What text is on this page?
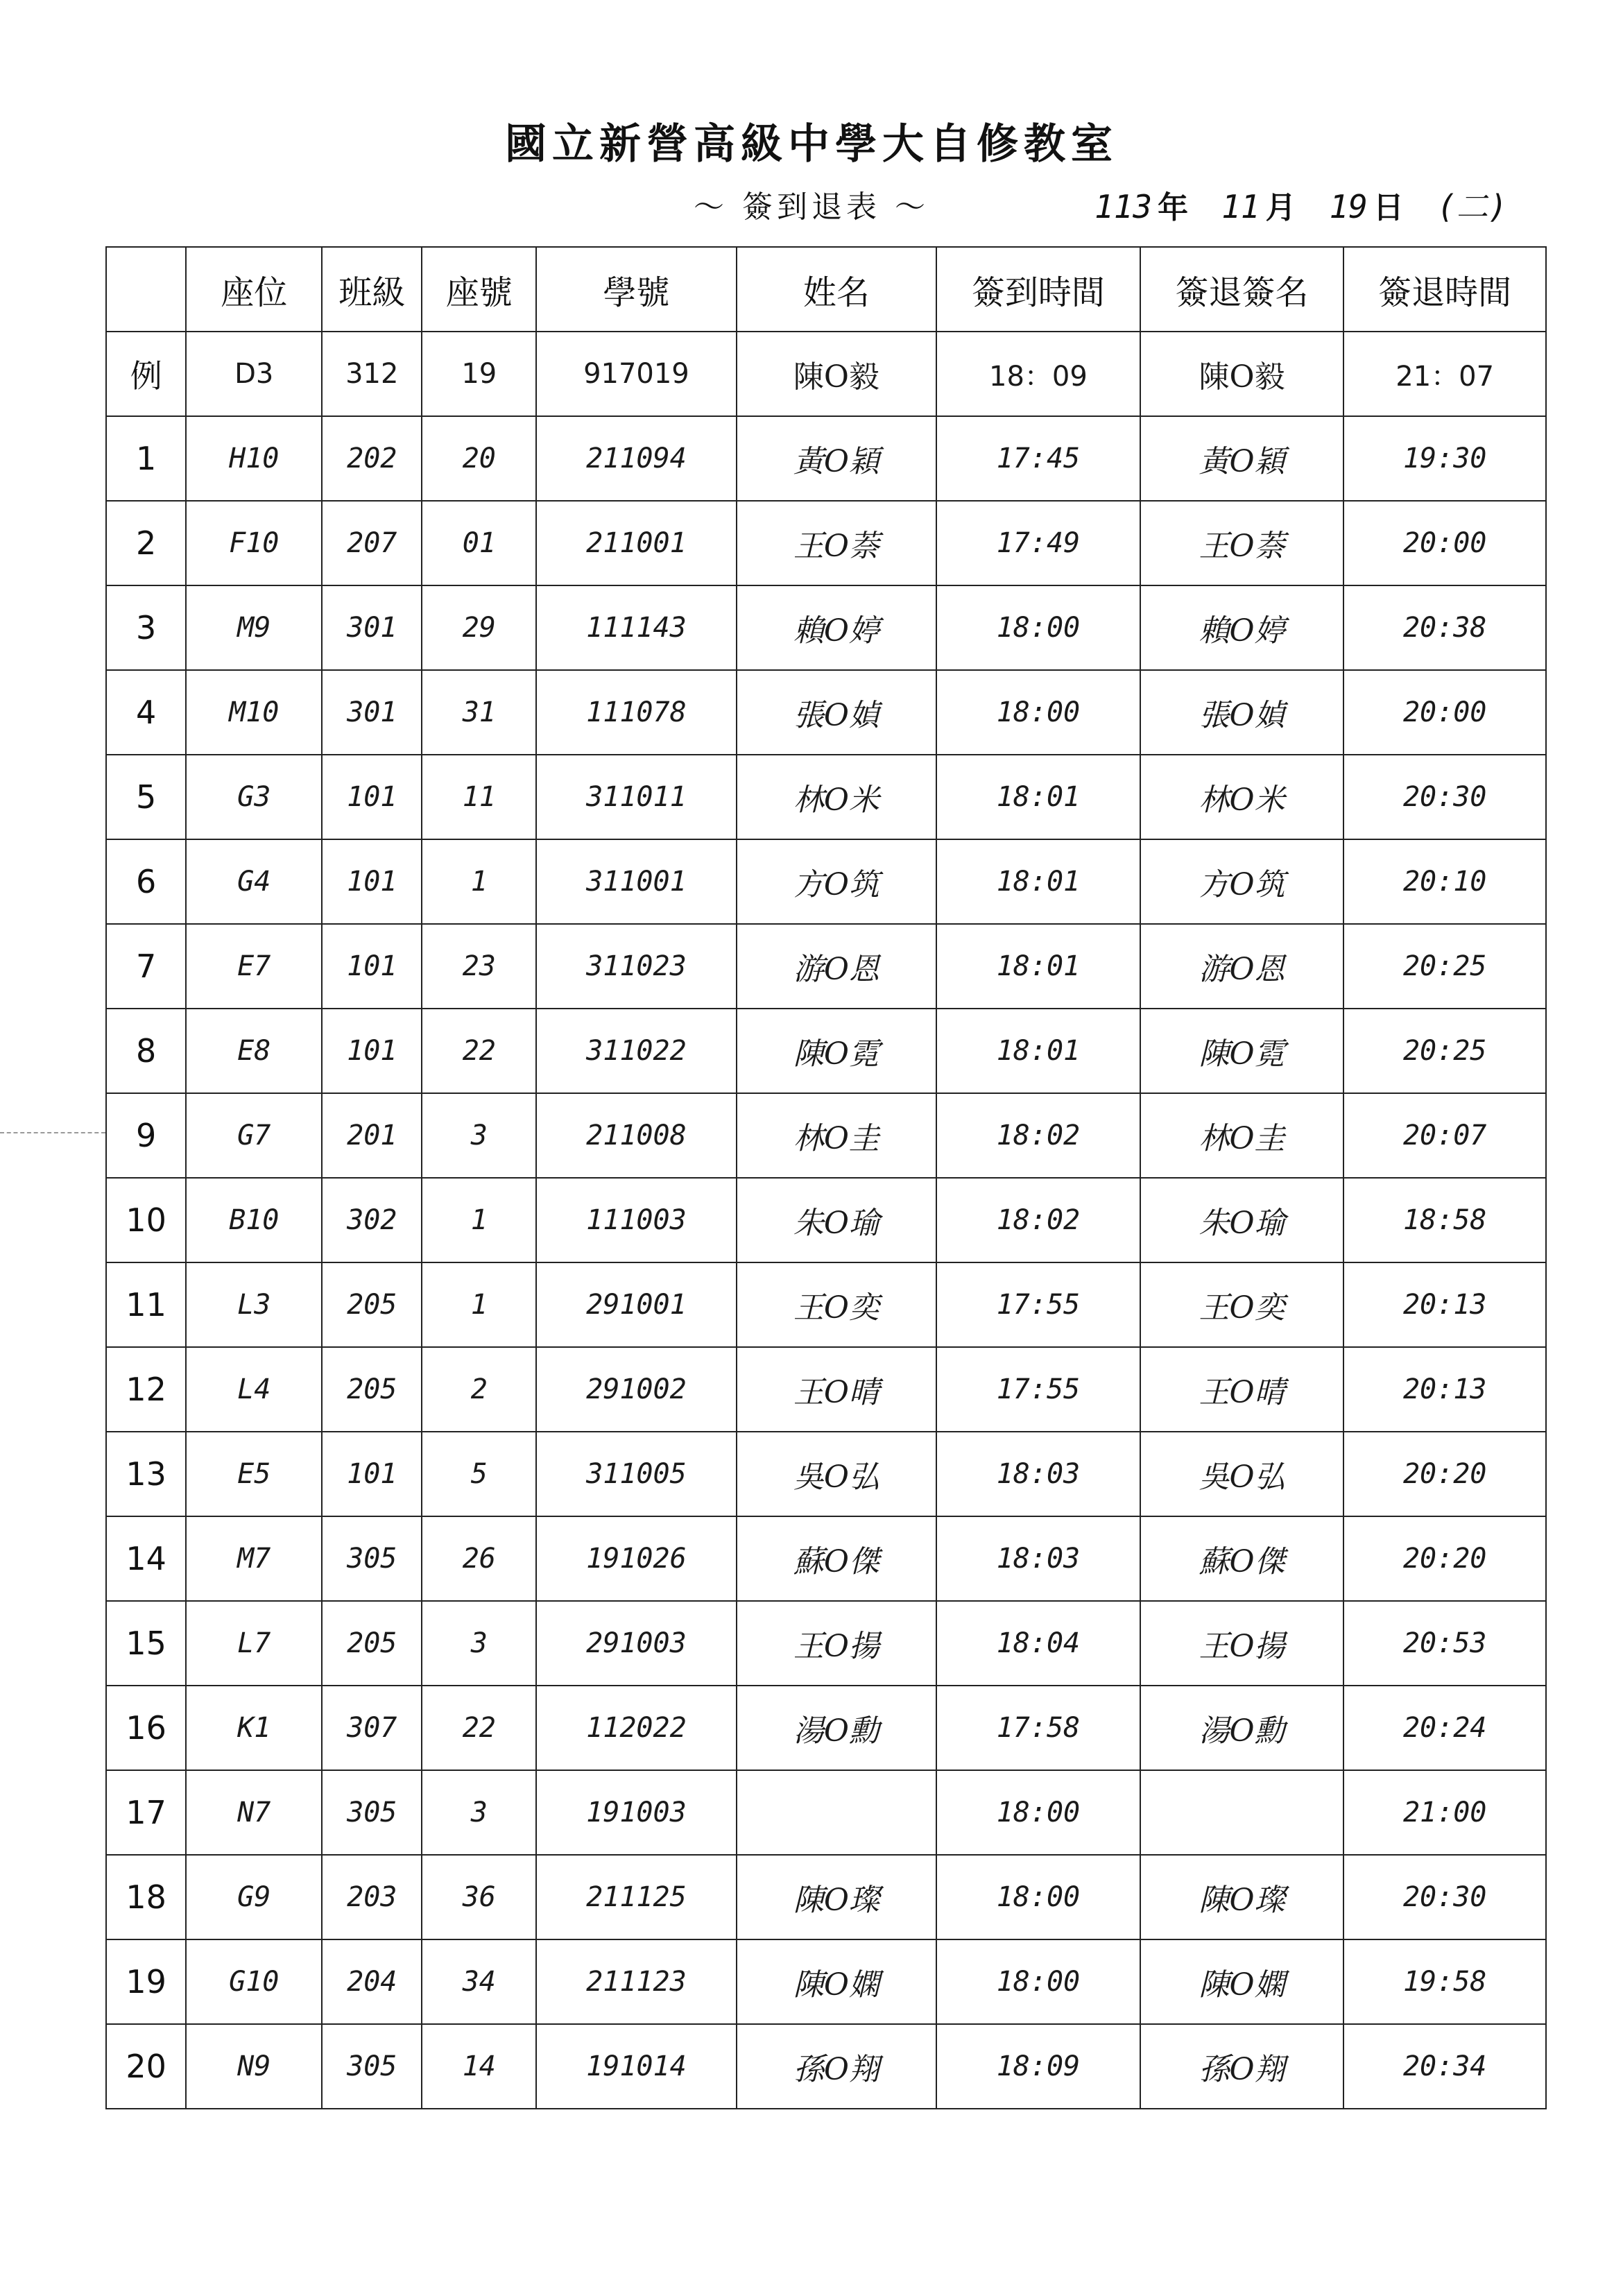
國立新營高級中學大自修教室
～ 簽到退表 ～	113 年 11 月 19 日 (二)
	座位	班級	座號	學號	姓名	簽到時間	簽退簽名	簽退時間
例	D3	312	19	917019	陳O毅	18：09	陳O毅	21：07
1	H10	202	20	211094	黃O穎	17:45	黃O穎	19:30
2	F10	207	01	211001	王O萘	17:49	王O萘	20:00
3	M9	301	29	111143	賴O婷	18:00	賴O婷	20:38
4	M10	301	31	111078	張O媜	18:00	張O媜	20:00
5	G3	101	11	311011	林O米	18:01	林O米	20:30
6	G4	101	1	311001	方O筑	18:01	方O筑	20:10
7	E7	101	23	311023	游O恩	18:01	游O恩	20:25
8	E8	101	22	311022	陳O霓	18:01	陳O霓	20:25
9	G7	201	3	211008	林O圭	18:02	林O圭	20:07
10	B10	302	1	111003	朱O瑜	18:02	朱O瑜	18:58
11	L3	205	1	291001	王O奕	17:55	王O奕	20:13
12	L4	205	2	291002	王O晴	17:55	王O晴	20:13
13	E5	101	5	311005	吳O弘	18:03	吳O弘	20:20
14	M7	305	26	191026	蘇O傑	18:03	蘇O傑	20:20
15	L7	205	3	291003	王O揚	18:04	王O揚	20:53
16	K1	307	22	112022	湯O勳	17:58	湯O勳	20:24
17	N7	305	3	191003		18:00		21:00
18	G9	203	36	211125	陳O璨	18:00	陳O璨	20:30
19	G10	204	34	211123	陳O嫻	18:00	陳O嫻	19:58
20	N9	305	14	191014	孫O翔	18:09	孫O翔	20:34
